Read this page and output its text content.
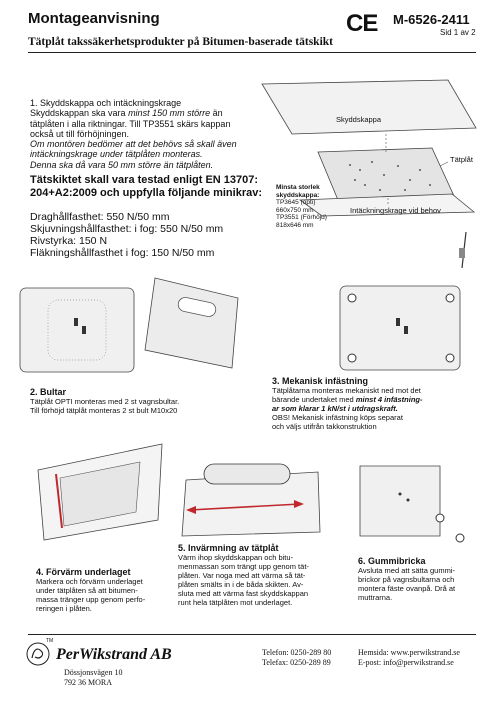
Montageanvisning
Tätplåt takssäkerhetsprodukter på Bitumen-baserade tätskikt
CE M-6526-2411
Sid 1 av 2
1. Skyddskappa och intäckningskrage
Skyddskappan ska vara minst 150 mm större än
tätplåten i alla riktningar. Till TP3551 skärs kappan
också ut till förhöjningen.
Om montören bedömer att det behövs så skall även
intäckningskrage under tätplåten monteras.
Denna ska då vara 50 mm större än tätplåten.
Tätskiktet skall vara testad enligt EN 13707:
204+A2:2009 och uppfylla följande minikrav:
Draghållfasthet: 550 N/50 mm
Skjuvningshållfasthet: i fog: 550 N/50 mm
Rivstyrka: 150 N
Fläkningshållfasthet i fog: 150 N/50 mm
Skyddskappa
Tätplåt
Intäckningskrage vid behov
Minsta storlek
skyddskappa:
TP3645 (opti)
660x750 mm
TP3551 (Förhöjd)
818x646 mm
2. Bultar
Tätplåt OPTI monteras med 2 st vagnsbultar.
Till förhöjd tätplåt monteras 2 st bult M10x20
3. Mekanisk infästning
Tätplåtarna monteras mekaniskt ned mot det
bärande undertaket med minst 4 infästning-
ar som klarar 1 kN/st i utdragskraft.
OBS! Mekanisk infästning köps separat
och väljs utifrån takkonstruktion
4. Förvärm underlaget
Markera och förvärm underlaget
under tätplåten så att bitumen-
massa tränger upp genom perfo-
reringen i plåten.
5. Invärmning av tätplåt
Värm ihop skyddskappan och bitu-
menmassan som trängt upp genom tät-
plåten. Var noga med att värma så tät-
plåten smälts in i de båda skikten. Av-
sluta med att värma fast skyddskappan
runt hela tätplåten mot underlaget.
6. Gummibricka
Avsluta med att sätta gummi-
brickor på vagnsbultarna och
montera fäste ovanpå. Drå at
muttrarna.
TM
PerWikstrand AB
Dössjonsvägen 10
792 36 MORA
Telefon: 0250-289 80
Telefax: 0250-289 89
Hemsida: www.perwikstrand.se
E-post: info@perwikstrand.se
